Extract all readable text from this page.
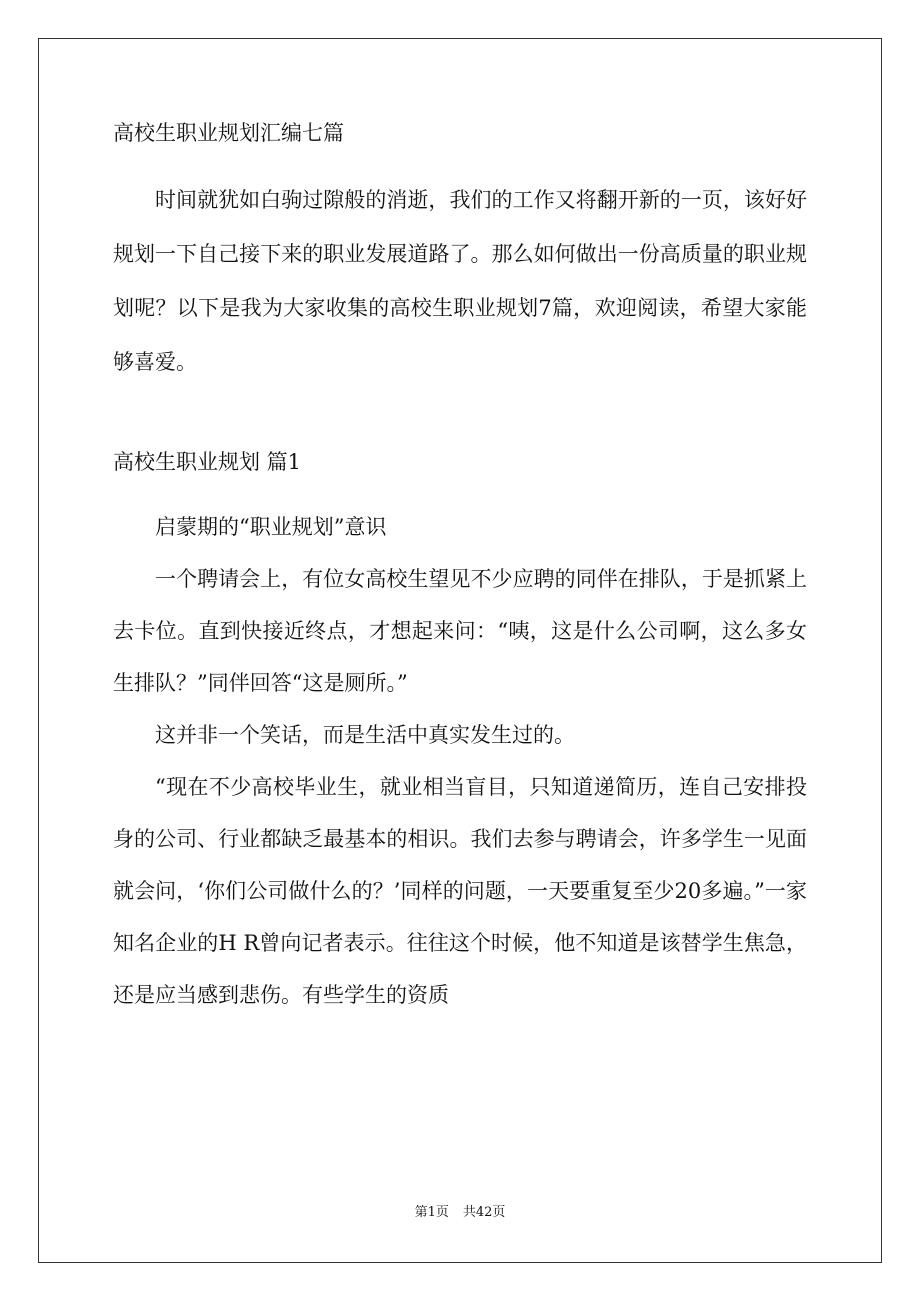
高校生职业规划汇编七篇

时间就犹如白驹过隙般的消逝，我们的工作又将翻开新的一页，该好好规划一下自己接下来的职业发展道路了。那么如何做出一份高质量的职业规划呢？以下是我为大家收集的高校生职业规划7篇，欢迎阅读，希望大家能够喜爱。

高校生职业规划 篇1

启蒙期的“职业规划”意识

一个聘请会上，有位女高校生望见不少应聘的同伴在排队，于是抓紧上去卡位。直到快接近终点，才想起来问：“咦，这是什么公司啊，这么多女生排队？”同伴回答“这是厕所。”

这并非一个笑话，而是生活中真实发生过的。

“现在不少高校毕业生，就业相当盲目，只知道递简历，连自己安排投身的公司、行业都缺乏最基本的相识。我们去参与聘请会，许多学生一见面就会问，‘你们公司做什么的？’同样的问题，一天要重复至少20多遍。”一家知名企业的H R曾向记者表示。往往这个时候，他不知道是该替学生焦急，还是应当感到悲伤。有些学生的资质

第1页 共42页
